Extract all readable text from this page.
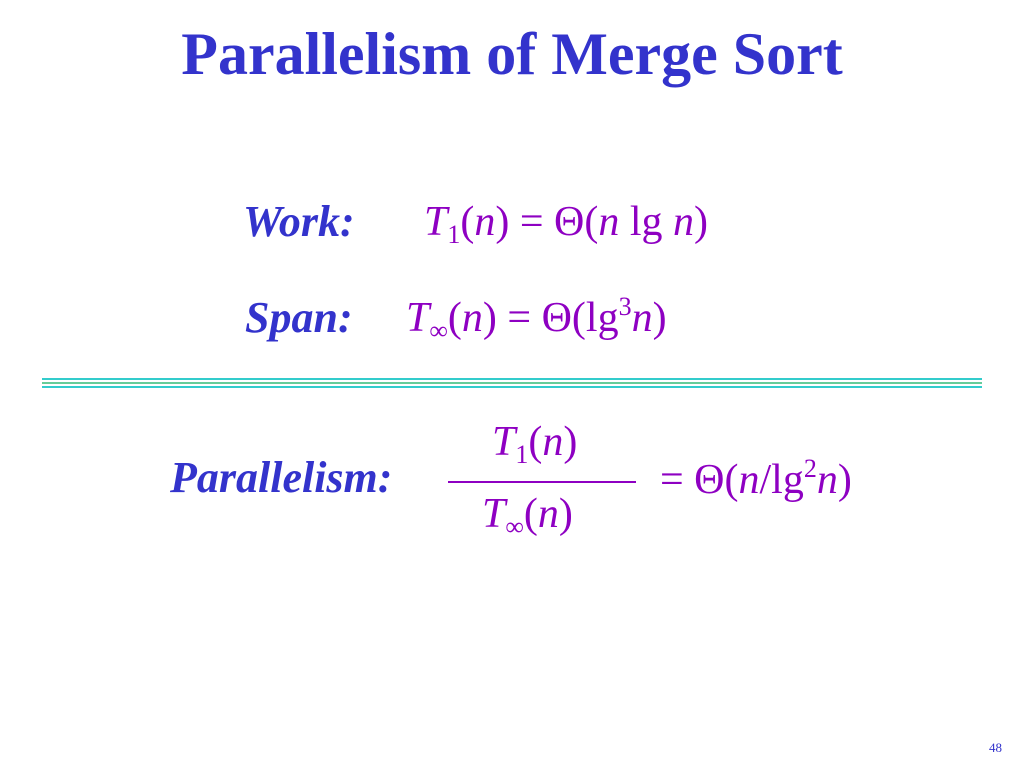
Parallelism of Merge Sort
Work: $T_1(n) = \Theta(n$ lg n)
Span: $T_\infty(n) = \Theta(\lg^3n)$
Parallelism:
$T_1(n)$
$T_\infty(n)$
= $\Theta(n/\lg^2n)$
48
